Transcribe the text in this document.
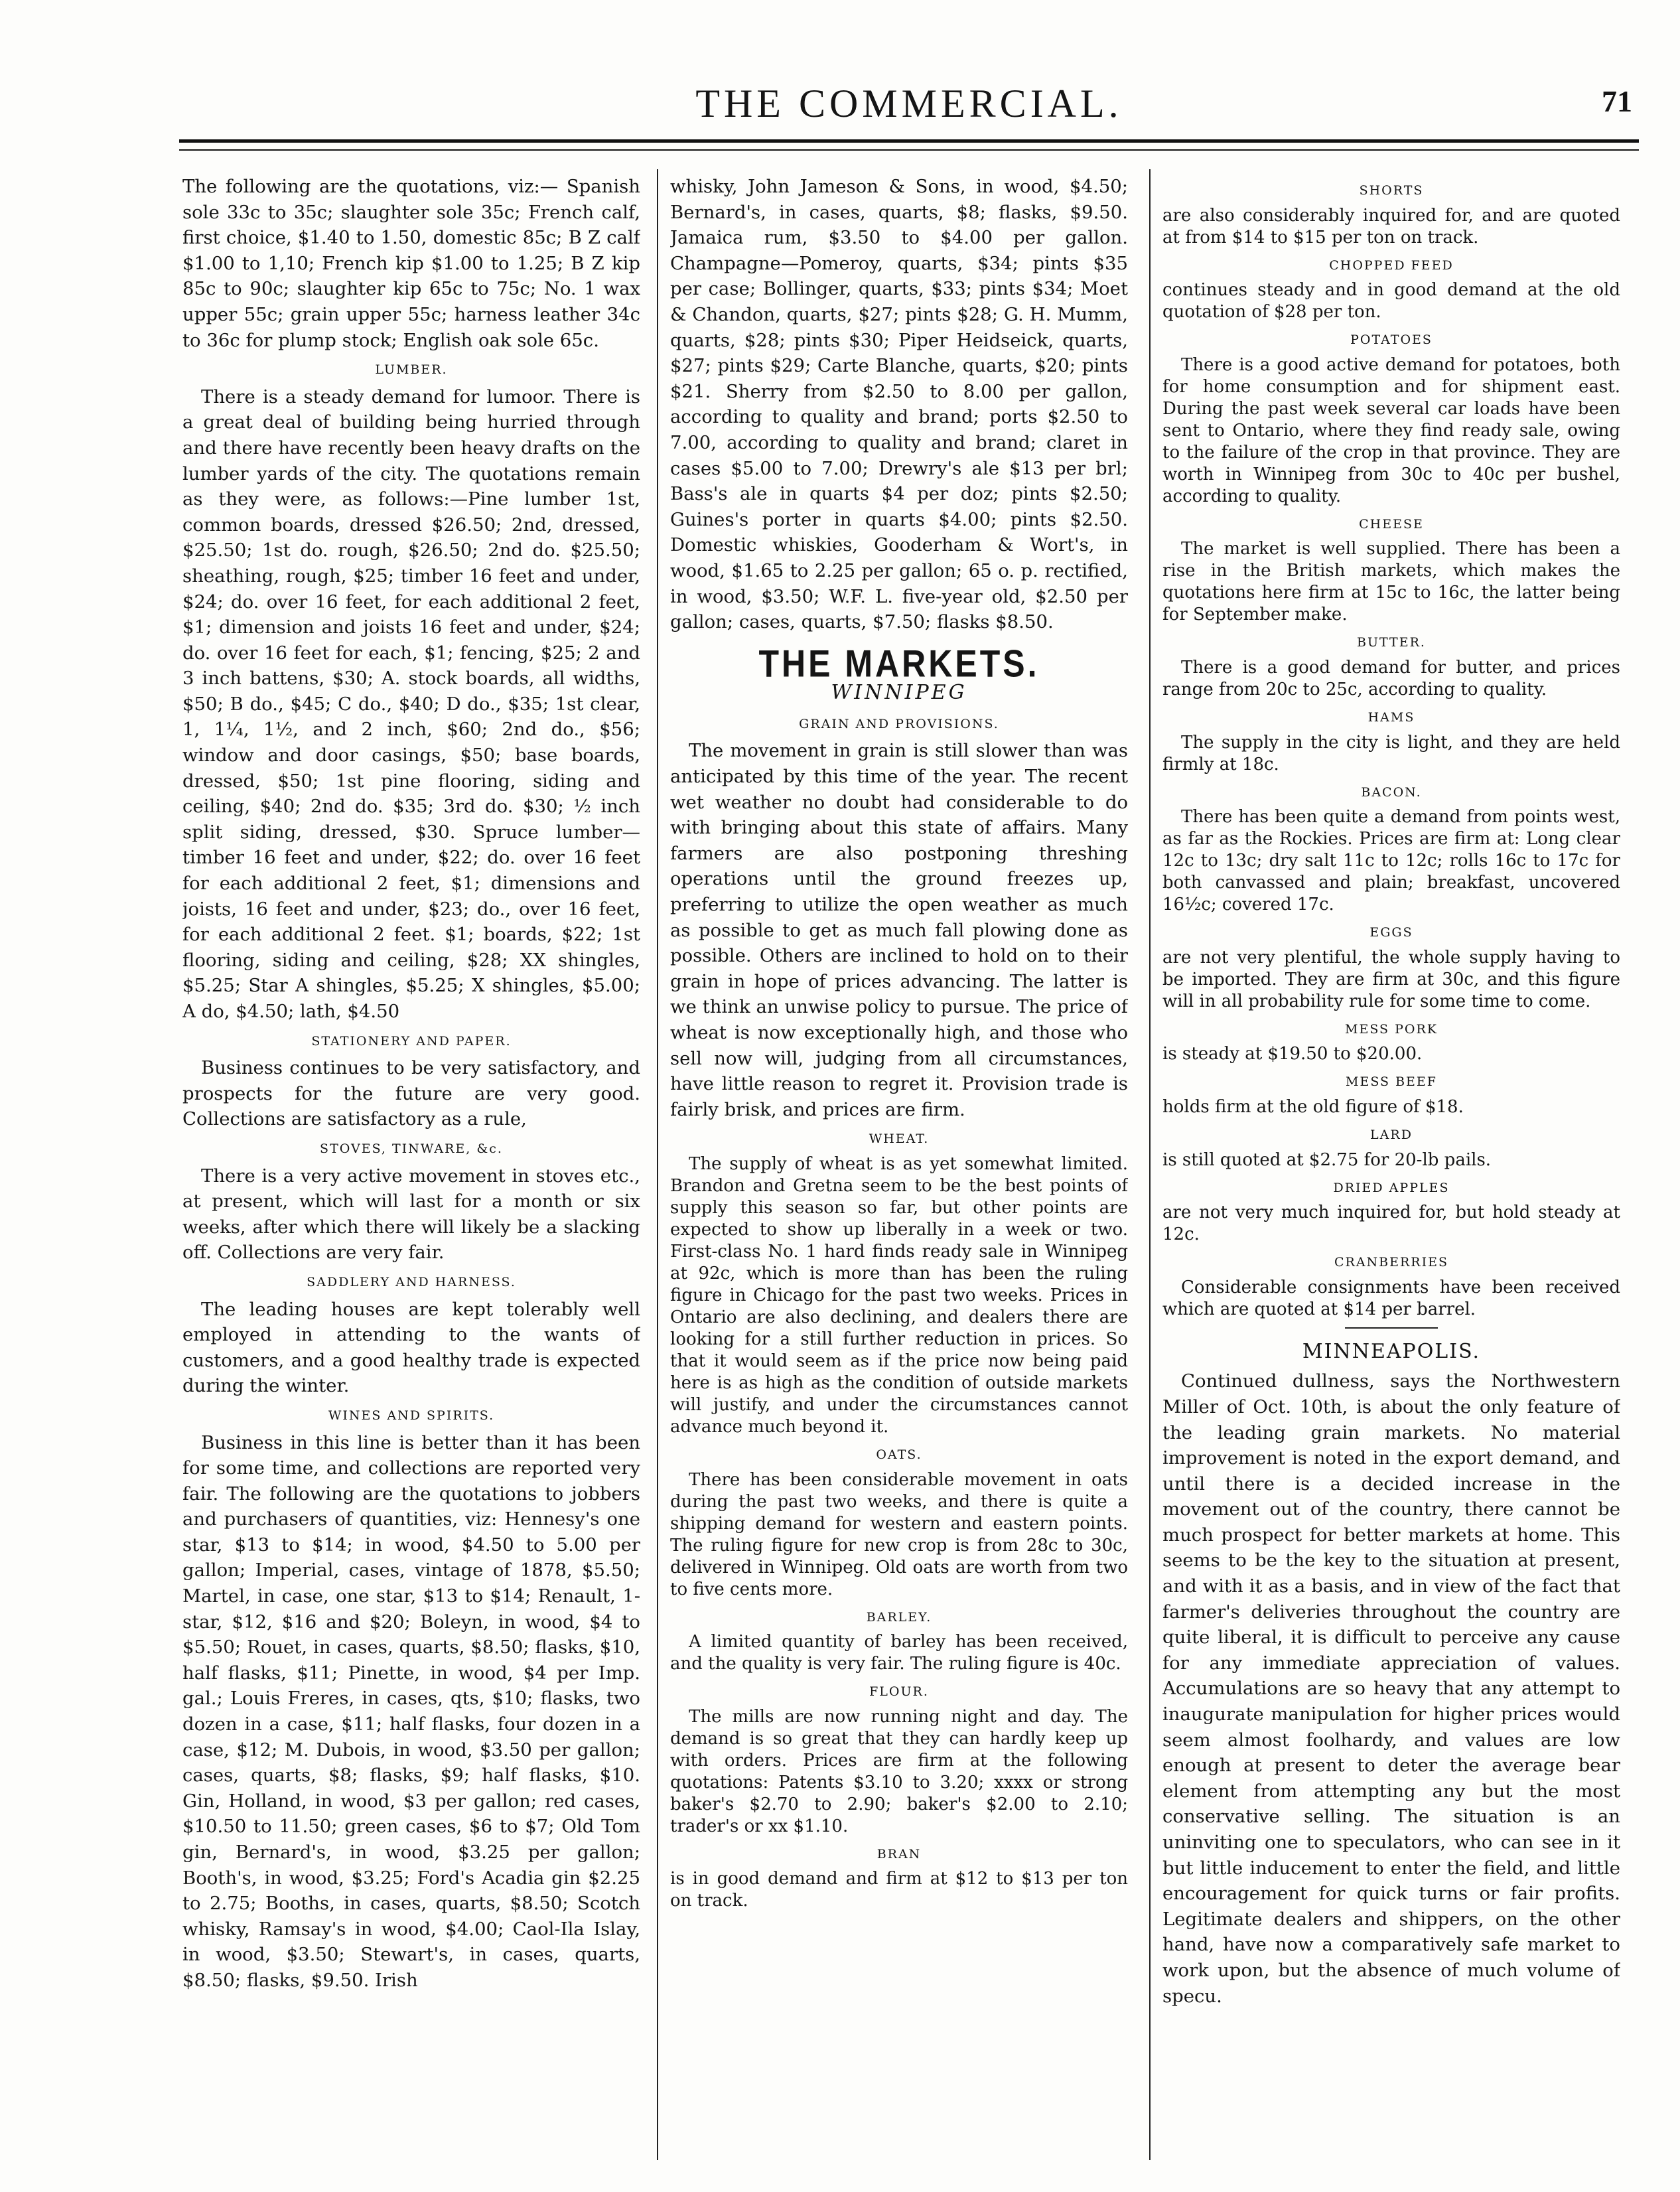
THE COMMERCIAL.	71

The following are the quotations, viz:— Spanish sole 33c to 35c; slaughter sole 35c; French calf, first choice, $1.40 to 1.50, domestic 85c; B Z calf $1.00 to 1,10; French kip $1.00 to 1.25; B Z kip 85c to 90c; slaughter kip 65c to 75c; No. 1 wax upper 55c; grain upper 55c; harness leather 34c to 36c for plump stock; English oak sole 65c.

LUMBER.

There is a steady demand for lumoor. There is a great deal of building being hurried through and there have recently been heavy drafts on the lumber yards of the city. The quotations remain as they were, as follows:—Pine lumber 1st, common boards, dressed $26.50; 2nd, dressed, $25.50; 1st do. rough, $26.50; 2nd do. $25.50; sheathing, rough, $25; timber 16 feet and under, $24; do. over 16 feet, for each additional 2 feet, $1; dimension and joists 16 feet and under, $24; do. over 16 feet for each, $1; fencing, $25; 2 and 3 inch battens, $30; A. stock boards, all widths, $50; B do., $45; C do., $40; D do., $35; 1st clear, 1, 1¼, 1½, and 2 inch, $60; 2nd do., $56; window and door casings, $50; base boards, dressed, $50; 1st pine flooring, siding and ceiling, $40; 2nd do. $35; 3rd do. $30; ½ inch split siding, dressed, $30. Spruce lumber—timber 16 feet and under, $22; do. over 16 feet for each additional 2 feet, $1; dimensions and joists, 16 feet and under, $23; do., over 16 feet, for each additional 2 feet. $1; boards, $22; 1st flooring, siding and ceiling, $28; XX shingles, $5.25; Star A shingles, $5.25; X shingles, $5.00; A do, $4.50; lath, $4.50

STATIONERY AND PAPER.

Business continues to be very satisfactory, and prospects for the future are very good. Collections are satisfactory as a rule,

STOVES, TINWARE, &c.

There is a very active movement in stoves etc., at present, which will last for a month or six weeks, after which there will likely be a slacking off. Collections are very fair.

SADDLERY AND HARNESS.

The leading houses are kept tolerably well employed in attending to the wants of customers, and a good healthy trade is expected during the winter.

WINES AND SPIRITS.

Business in this line is better than it has been for some time, and collections are reported very fair. The following are the quotations to jobbers and purchasers of quantities, viz: Hennesy's one star, $13 to $14; in wood, $4.50 to 5.00 per gallon; Imperial, cases, vintage of 1878, $5.50; Martel, in case, one star, $13 to $14; Renault, 1-star, $12, $16 and $20; Boleyn, in wood, $4 to $5.50; Rouet, in cases, quarts, $8.50; flasks, $10, half flasks, $11; Pinette, in wood, $4 per Imp. gal.; Louis Freres, in cases, qts, $10; flasks, two dozen in a case, $11; half flasks, four dozen in a case, $12; M. Dubois, in wood, $3.50 per gallon; cases, quarts, $8; flasks, $9; half flasks, $10. Gin, Holland, in wood, $3 per gallon; red cases, $10.50 to 11.50; green cases, $6 to $7; Old Tom gin, Bernard's, in wood, $3.25 per gallon; Booth's, in wood, $3.25; Ford's Acadia gin $2.25 to 2.75; Booths, in cases, quarts, $8.50; Scotch whisky, Ramsay's in wood, $4.00; Caol-Ila Islay, in wood, $3.50; Stewart's, in cases, quarts, $8.50; flasks, $9.50. Irish

whisky, John Jameson & Sons, in wood, $4.50; Bernard's, in cases, quarts, $8; flasks, $9.50. Jamaica rum, $3.50 to $4.00 per gallon. Champagne—Pomeroy, quarts, $34; pints $35 per case; Bollinger, quarts, $33; pints $34; Moet & Chandon, quarts, $27; pints $28; G. H. Mumm, quarts, $28; pints $30; Piper Heidseick, quarts, $27; pints $29; Carte Blanche, quarts, $20; pints $21. Sherry from $2.50 to 8.00 per gallon, according to quality and brand; ports $2.50 to 7.00, according to quality and brand; claret in cases $5.00 to 7.00; Drewry's ale $13 per brl; Bass's ale in quarts $4 per doz; pints $2.50; Guines's porter in quarts $4.00; pints $2.50. Domestic whiskies, Gooderham & Wort's, in wood, $1.65 to 2.25 per gallon; 65 o. p. rectified, in wood, $3.50; W.F. L. five-year old, $2.50 per gallon; cases, quarts, $7.50; flasks $8.50.

THE MARKETS.
WINNIPEG
GRAIN AND PROVISIONS.

The movement in grain is still slower than was anticipated by this time of the year. The recent wet weather no doubt had considerable to do with bringing about this state of affairs. Many farmers are also postponing threshing operations until the ground freezes up, preferring to utilize the open weather as much as possible to get as much fall plowing done as possible. Others are inclined to hold on to their grain in hope of prices advancing. The latter is we think an unwise policy to pursue. The price of wheat is now exceptionally high, and those who sell now will, judging from all circumstances, have little reason to regret it. Provision trade is fairly brisk, and prices are firm.

WHEAT.

The supply of wheat is as yet somewhat limited. Brandon and Gretna seem to be the best points of supply this season so far, but other points are expected to show up liberally in a week or two. First-class No. 1 hard finds ready sale in Winnipeg at 92c, which is more than has been the ruling figure in Chicago for the past two weeks. Prices in Ontario are also declining, and dealers there are looking for a still further reduction in prices. So that it would seem as if the price now being paid here is as high as the condition of outside markets will justify, and under the circumstances cannot advance much beyond it.

OATS.

There has been considerable movement in oats during the past two weeks, and there is quite a shipping demand for western and eastern points. The ruling figure for new crop is from 28c to 30c, delivered in Winnipeg. Old oats are worth from two to five cents more.

BARLEY.

A limited quantity of barley has been received, and the quality is very fair. The ruling figure is 40c.

FLOUR.

The mills are now running night and day. The demand is so great that they can hardly keep up with orders. Prices are firm at the following quotations: Patents $3.10 to 3.20; xxxx or strong baker's $2.70 to 2.90; baker's $2.00 to 2.10; trader's or xx $1.10.

BRAN

is in good demand and firm at $12 to $13 per ton on track.

SHORTS

are also considerably inquired for, and are quoted at from $14 to $15 per ton on track.

CHOPPED FEED

continues steady and in good demand at the old quotation of $28 per ton.

POTATOES

There is a good active demand for potatoes, both for home consumption and for shipment east. During the past week several car loads have been sent to Ontario, where they find ready sale, owing to the failure of the crop in that province. They are worth in Winnipeg from 30c to 40c per bushel, according to quality.

CHEESE

The market is well supplied. There has been a rise in the British markets, which makes the quotations here firm at 15c to 16c, the latter being for September make.

BUTTER.

There is a good demand for butter, and prices range from 20c to 25c, according to quality.

HAMS

The supply in the city is light, and they are held firmly at 18c.

BACON.

There has been quite a demand from points west, as far as the Rockies. Prices are firm at: Long clear 12c to 13c; dry salt 11c to 12c; rolls 16c to 17c for both canvassed and plain; breakfast, uncovered 16½c; covered 17c.

EGGS

are not very plentiful, the whole supply having to be imported. They are firm at 30c, and this figure will in all probability rule for some time to come.

MESS PORK

is steady at $19.50 to $20.00.

MESS BEEF

holds firm at the old figure of $18.

LARD

is still quoted at $2.75 for 20-lb pails.

DRIED APPLES

are not very much inquired for, but hold steady at 12c.

CRANBERRIES

Considerable consignments have been received which are quoted at $14 per barrel.

MINNEAPOLIS.

Continued dullness, says the Northwestern Miller of Oct. 10th, is about the only feature of the leading grain markets. No material improvement is noted in the export demand, and until there is a decided increase in the movement out of the country, there cannot be much prospect for better markets at home. This seems to be the key to the situation at present, and with it as a basis, and in view of the fact that farmer's deliveries throughout the country are quite liberal, it is difficult to perceive any cause for any immediate appreciation of values. Accumulations are so heavy that any attempt to inaugurate manipulation for higher prices would seem almost foolhardy, and values are low enough at present to deter the average bear element from attempting any but the most conservative selling. The situation is an uninviting one to speculators, who can see in it but little inducement to enter the field, and little encouragement for quick turns or fair profits. Legitimate dealers and shippers, on the other hand, have now a comparatively safe market to work upon, but the absence of much volume of specu.
